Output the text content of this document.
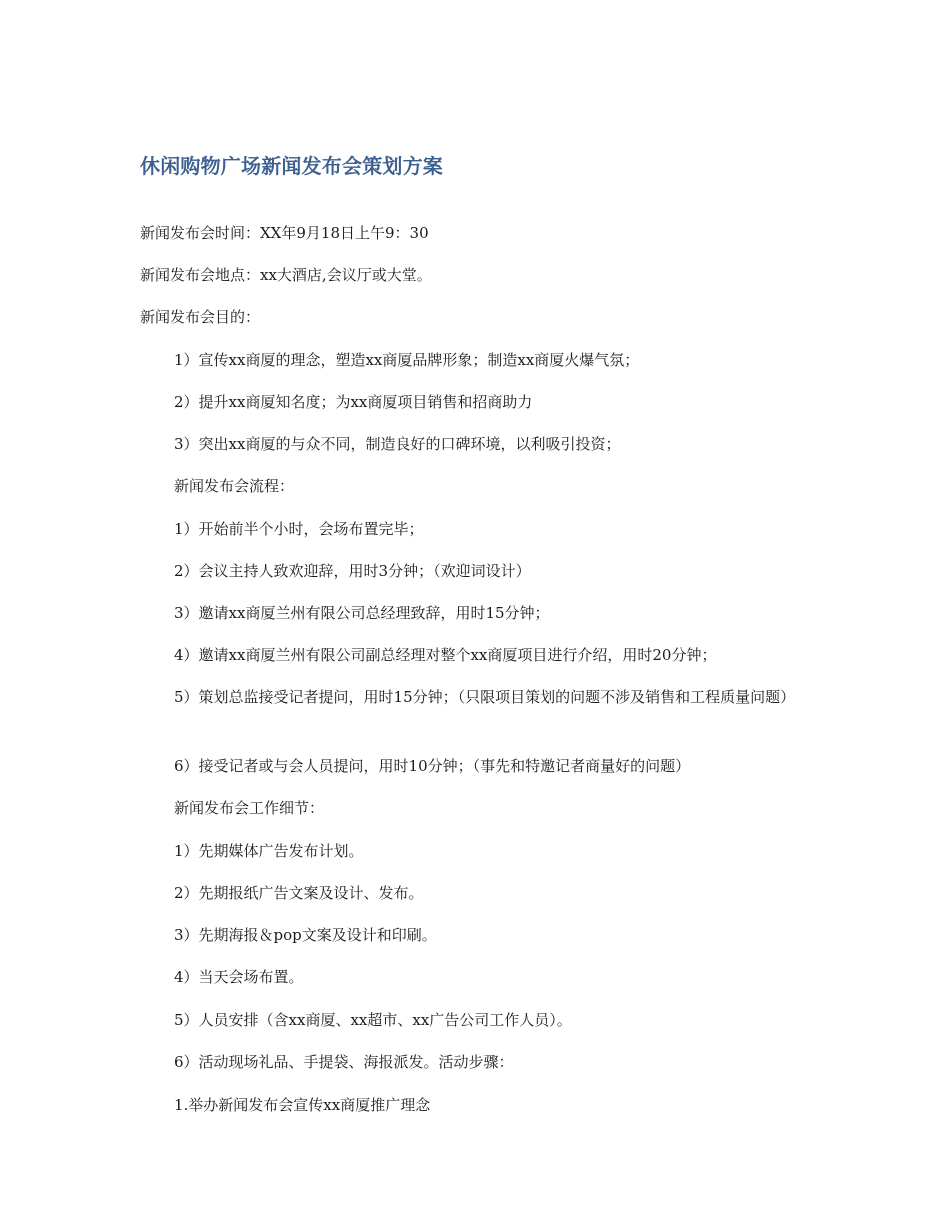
休闲购物广场新闻发布会策划方案
新闻发布会时间：XX年9月18日上午9：30
新闻发布会地点：xx大酒店,会议厅或大堂。
新闻发布会目的：
1）宣传xx商厦的理念，塑造xx商厦品牌形象；制造xx商厦火爆气氛；
2）提升xx商厦知名度；为xx商厦项目销售和招商助力
3）突出xx商厦的与众不同，制造良好的口碑环境，以利吸引投资；
新闻发布会流程：
1）开始前半个小时，会场布置完毕；
2）会议主持人致欢迎辞，用时3分钟；（欢迎词设计）
3）邀请xx商厦兰州有限公司总经理致辞，用时15分钟；
4）邀请xx商厦兰州有限公司副总经理对整个xx商厦项目进行介绍，用时20分钟；
5）策划总监接受记者提问，用时15分钟；（只限项目策划的问题不涉及销售和工程质量问题）
6）接受记者或与会人员提问，用时10分钟；（事先和特邀记者商量好的问题）
新闻发布会工作细节：
1）先期媒体广告发布计划。
2）先期报纸广告文案及设计、发布。
3）先期海报＆pop文案及设计和印刷。
4）当天会场布置。
5）人员安排（含xx商厦、xx超市、xx广告公司工作人员）。
6）活动现场礼品、手提袋、海报派发。活动步骤：
1.举办新闻发布会宣传xx商厦推广理念
